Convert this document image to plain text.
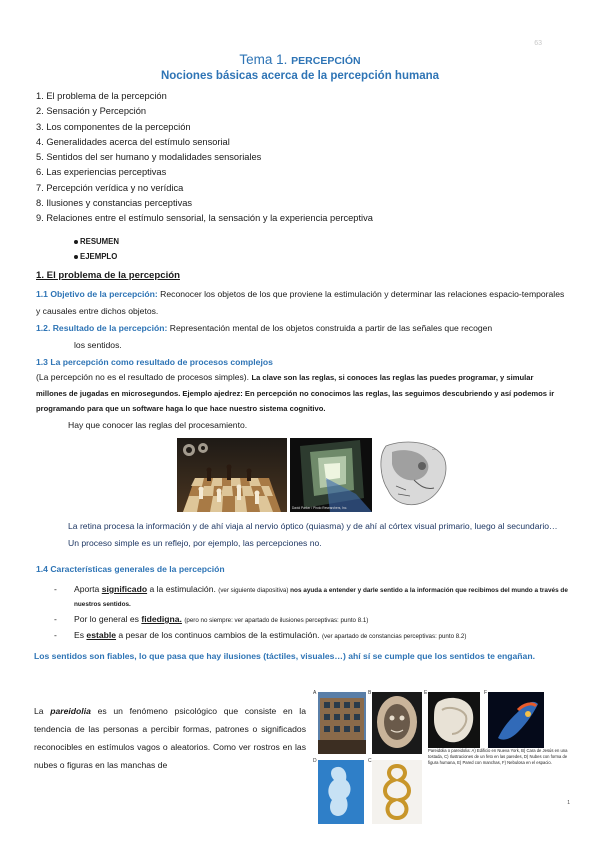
63
Tema 1. PERCEPCIÓN
Nociones básicas acerca de la percepción humana
1. El problema de la percepción
2. Sensación y Percepción
3. Los componentes de la percepción
4. Generalidades acerca del estímulo sensorial
5. Sentidos del ser humano y modalidades sensoriales
6. Las experiencias perceptivas
7. Percepción verídica y no verídica
8. Ilusiones y constancias perceptivas
9. Relaciones entre el estímulo sensorial, la sensación y la experiencia perceptiva
RESUMEN
EJEMPLO
1. El problema de la percepción
1.1 Objetivo de la percepción: Reconocer los objetos de los que proviene la estimulación y determinar las relaciones espacio-temporales y causales entre dichos objetos.
1.2. Resultado de la percepción: Representación mental de los objetos construida a partir de las señales que recogen
los sentidos.
1.3 La percepción como resultado de procesos complejos
(La percepción no es el resultado de procesos simples). La clave son las reglas, si conoces las reglas las puedes programar, y simular millones de jugadas en microsegundos. Ejemplo ajedrez: En percepción no conocimos las reglas, las seguimos descubriendo y así podemos ir programando para que un software haga lo que hace nuestro sistema cognitivo.
Hay que conocer las reglas del procesamiento.
David Parker / Photo Researchers, Inc.
—
La retina procesa la información y de ahí viaja al nervio óptico (quiasma) y de ahí al córtex visual primario, luego al secundario… Un proceso simple es un reflejo, por ejemplo, las percepciones no.
1.4 Características generales de la percepción
- Aporta significado a la estimulación. (ver siguiente diapositiva) nos ayuda a entender y darle sentido a la información que recibimos del mundo a través de nuestros sentidos.
- Por lo general es fidedigna. (pero no siempre: ver apartado de ilusiones perceptivas: punto 8.1)
- Es estable a pesar de los continuos cambios de la estimulación. (ver apartado de constancias perceptivas: punto 8.2)
Los sentidos son fiables, lo que pasa que hay ilusiones (táctiles, visuales…) ahí sí se cumple que los sentidos te engañan.
La pareidolia es un fenómeno psicológico que consiste en la tendencia de las personas a percibir formas, patrones o significados reconocibles en estímulos vagos o aleatorios. Como ver rostros en las nubes o figuras en las manchas de
A	B	E	F
D	C
Pareidolia o pareidolia: A) Edificio en Nueva York, B) Cara de Jesús en una tostada, C) Ilustraciones de un feto en las paredes, D) Nubes con forma de figura humana, E) Pared con manchas, F) Nebulosa en el espacio.
1
